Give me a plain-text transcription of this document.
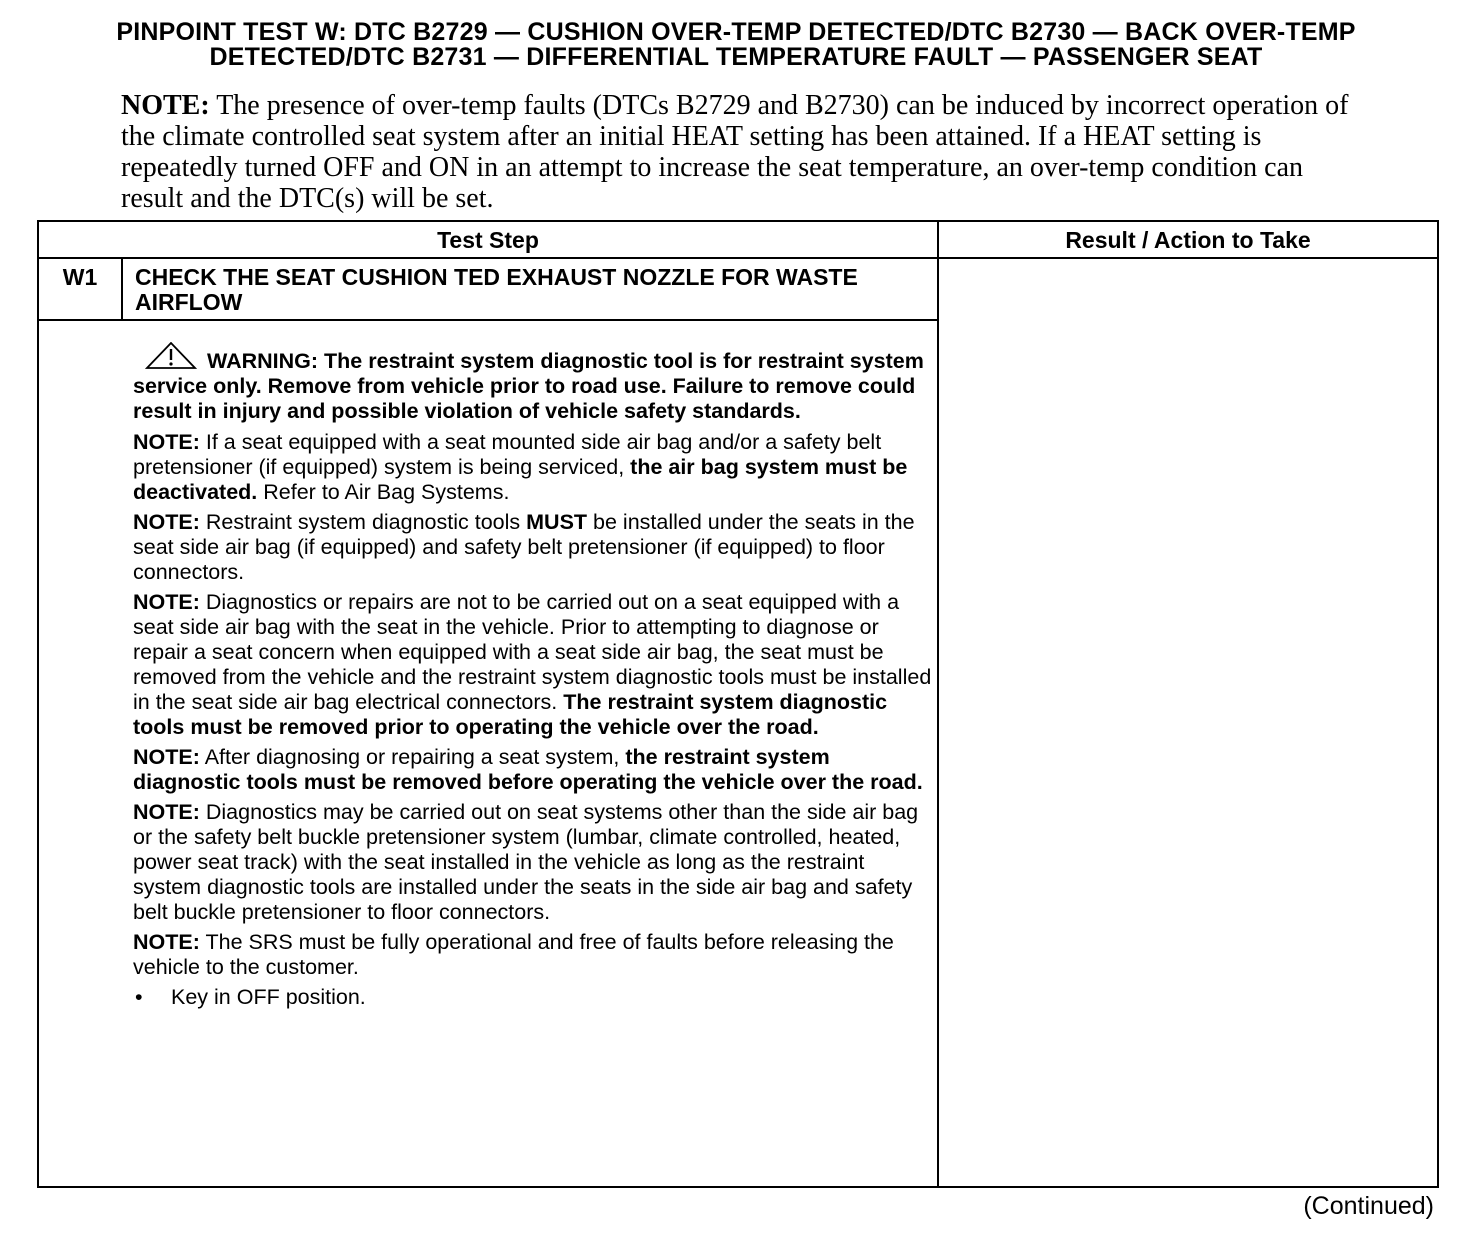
PINPOINT TEST W: DTC B2729 — CUSHION OVER-TEMP DETECTED/DTC B2730 — BACK OVER-TEMP
DETECTED/DTC B2731 — DIFFERENTIAL TEMPERATURE FAULT — PASSENGER SEAT
NOTE: The presence of over-temp faults (DTCs B2729 and B2730) can be induced by incorrect operation of the climate controlled seat system after an initial HEAT setting has been attained. If a HEAT setting is repeatedly turned OFF and ON in an attempt to increase the seat temperature, an over-temp condition can result and the DTC(s) will be set.
Test Step	Result / Action to Take
W1	CHECK THE SEAT CUSHION TED EXHAUST NOZZLE FOR WASTE AIRFLOW

WARNING: The restraint system diagnostic tool is for restraint system service only. Remove from vehicle prior to road use. Failure to remove could result in injury and possible violation of vehicle safety standards.

NOTE: If a seat equipped with a seat mounted side air bag and/or a safety belt pretensioner (if equipped) system is being serviced, the air bag system must be deactivated. Refer to Air Bag Systems.

NOTE: Restraint system diagnostic tools MUST be installed under the seats in the seat side air bag (if equipped) and safety belt pretensioner (if equipped) to floor connectors.

NOTE: Diagnostics or repairs are not to be carried out on a seat equipped with a seat side air bag with the seat in the vehicle. Prior to attempting to diagnose or repair a seat concern when equipped with a seat side air bag, the seat must be removed from the vehicle and the restraint system diagnostic tools must be installed in the seat side air bag electrical connectors. The restraint system diagnostic tools must be removed prior to operating the vehicle over the road.

NOTE: After diagnosing or repairing a seat system, the restraint system diagnostic tools must be removed before operating the vehicle over the road.

NOTE: Diagnostics may be carried out on seat systems other than the side air bag or the safety belt buckle pretensioner system (lumbar, climate controlled, heated, power seat track) with the seat installed in the vehicle as long as the restraint system diagnostic tools are installed under the seats in the side air bag and safety belt buckle pretensioner to floor connectors.

NOTE: The SRS must be fully operational and free of faults before releasing the vehicle to the customer.

•	Key in OFF position.
(Continued)
